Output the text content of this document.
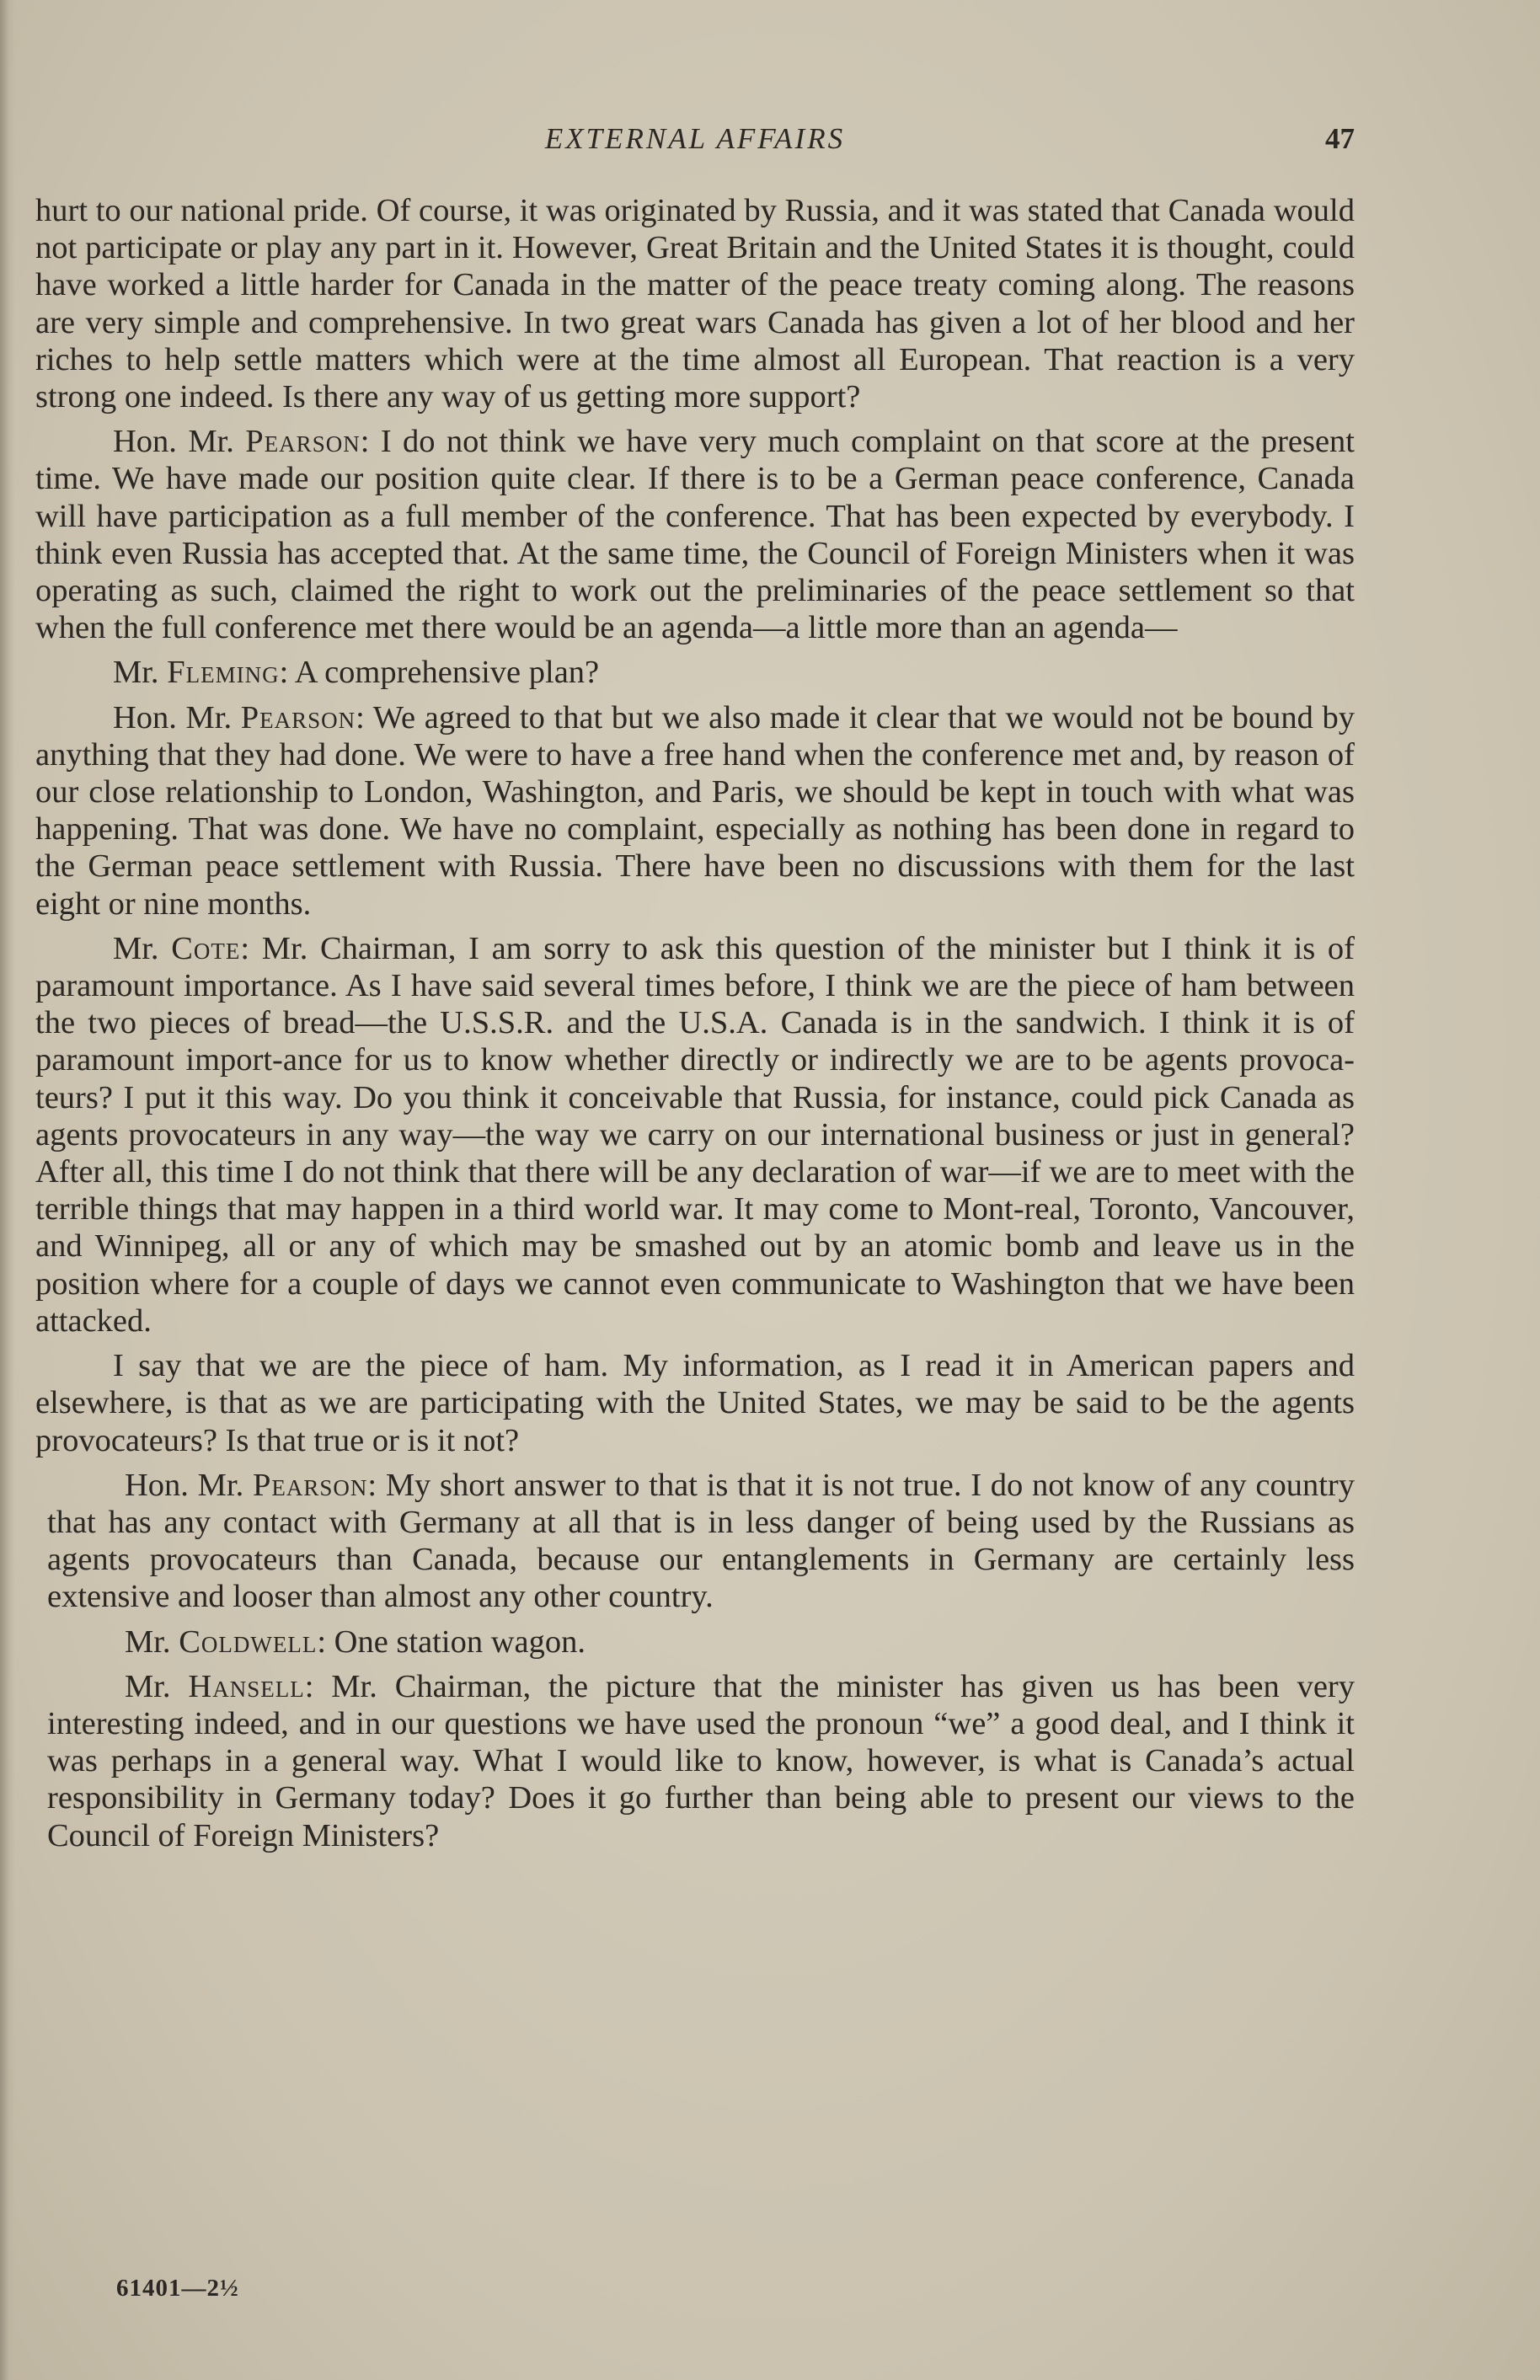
EXTERNAL AFFAIRS	47

hurt to our national pride. Of course, it was originated by Russia, and it was stated that Canada would not participate or play any part in it. However, Great Britain and the United States it is thought, could have worked a little harder for Canada in the matter of the peace treaty coming along. The reasons are very simple and comprehensive. In two great wars Canada has given a lot of her blood and her riches to help settle matters which were at the time almost all European. That reaction is a very strong one indeed. Is there any way of us getting more support?

Hon. Mr. Pearson: I do not think we have very much complaint on that score at the present time. We have made our position quite clear. If there is to be a German peace conference, Canada will have participation as a full member of the conference. That has been expected by everybody. I think even Russia has accepted that. At the same time, the Council of Foreign Ministers when it was operating as such, claimed the right to work out the preliminaries of the peace settlement so that when the full conference met there would be an agenda—a little more than an agenda—

Mr. Fleming: A comprehensive plan?

Hon. Mr. Pearson: We agreed to that but we also made it clear that we would not be bound by anything that they had done. We were to have a free hand when the conference met and, by reason of our close relationship to London, Washington, and Paris, we should be kept in touch with what was happening. That was done. We have no complaint, especially as nothing has been done in regard to the German peace settlement with Russia. There have been no discussions with them for the last eight or nine months.

Mr. Cote: Mr. Chairman, I am sorry to ask this question of the minister but I think it is of paramount importance. As I have said several times before, I think we are the piece of ham between the two pieces of bread—the U.S.S.R. and the U.S.A. Canada is in the sandwich. I think it is of paramount import-ance for us to know whether directly or indirectly we are to be agents provoca-teurs? I put it this way. Do you think it conceivable that Russia, for instance, could pick Canada as agents provocateurs in any way—the way we carry on our international business or just in general? After all, this time I do not think that there will be any declaration of war—if we are to meet with the terrible things that may happen in a third world war. It may come to Mont-real, Toronto, Vancouver, and Winnipeg, all or any of which may be smashed out by an atomic bomb and leave us in the position where for a couple of days we cannot even communicate to Washington that we have been attacked.

I say that we are the piece of ham. My information, as I read it in American papers and elsewhere, is that as we are participating with the United States, we may be said to be the agents provocateurs? Is that true or is it not?

Hon. Mr. Pearson: My short answer to that is that it is not true. I do not know of any country that has any contact with Germany at all that is in less danger of being used by the Russians as agents provocateurs than Canada, because our entanglements in Germany are certainly less extensive and looser than almost any other country.

Mr. Coldwell: One station wagon.

Mr. Hansell: Mr. Chairman, the picture that the minister has given us has been very interesting indeed, and in our questions we have used the pronoun “we” a good deal, and I think it was perhaps in a general way. What I would like to know, however, is what is Canada’s actual responsibility in Germany today? Does it go further than being able to present our views to the Council of Foreign Ministers?

61401—2½
